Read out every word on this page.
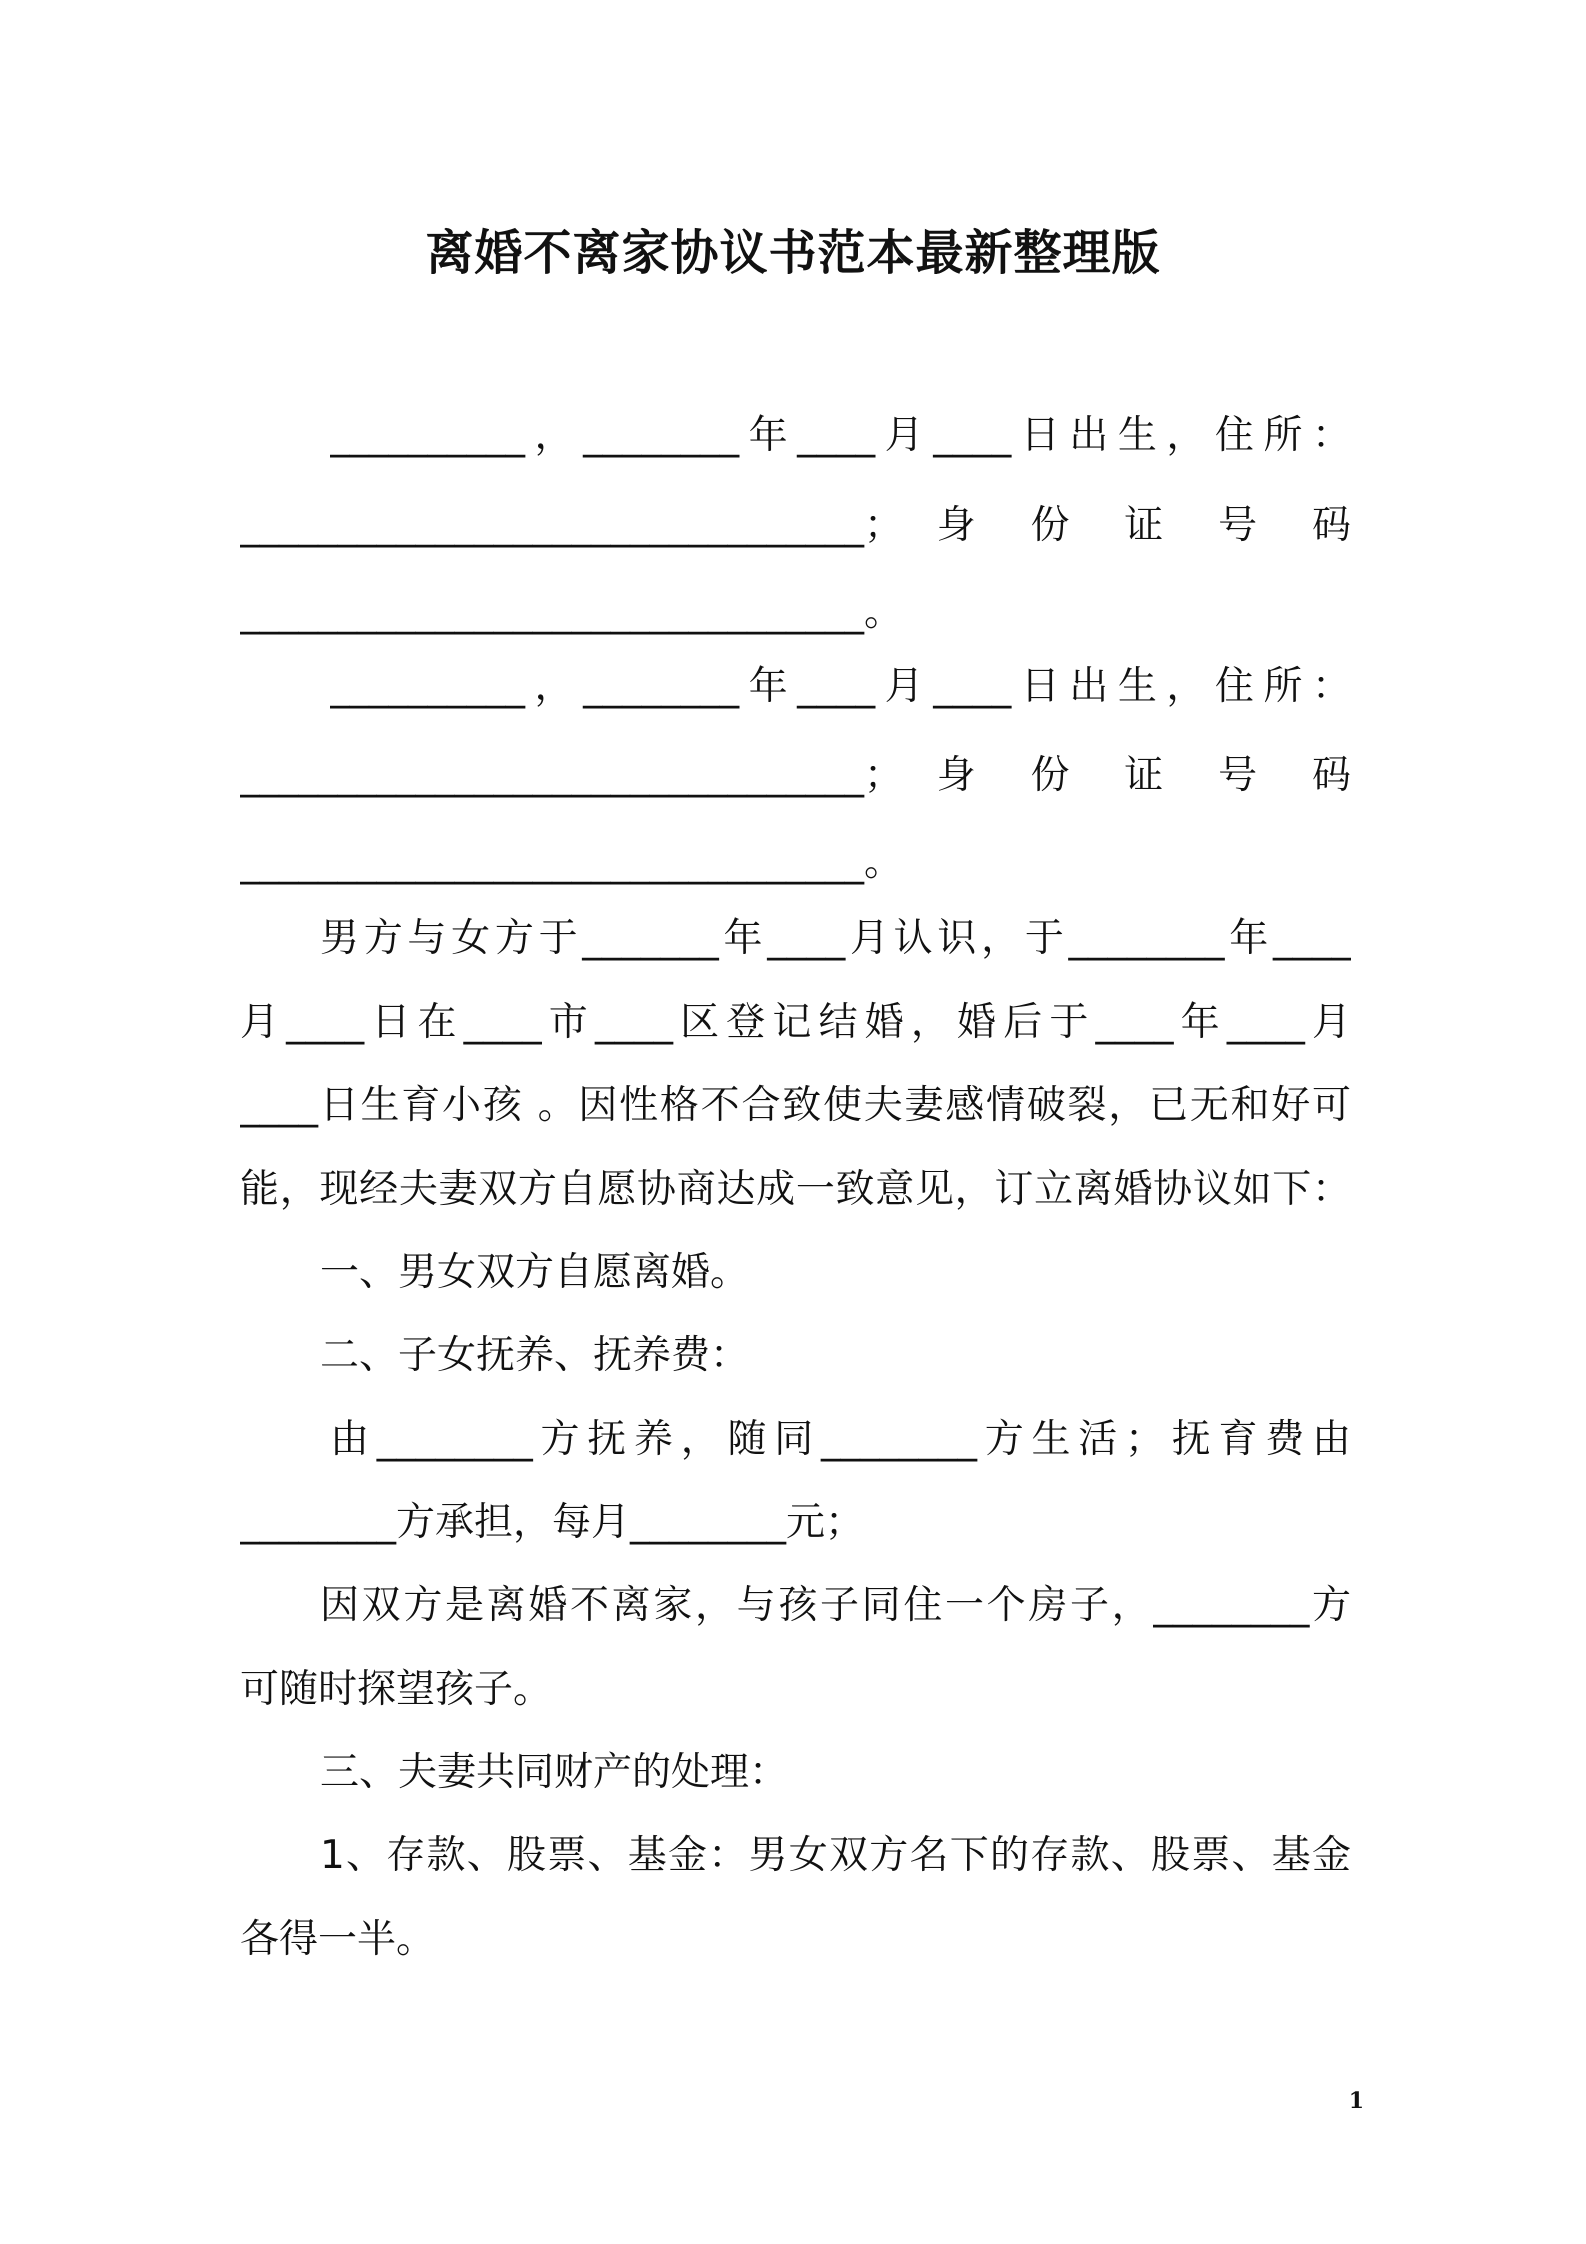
离婚不离家协议书范本最新整理版
__________，________年____月____日出生，住所：
________________________________； 身 份 证 号 码
________________________________。
__________，________年____月____日出生，住所：
________________________________； 身 份 证 号 码
________________________________。
男方与女方于_______年____月认识，于________年____
月____日在____市____区登记结婚，婚后于____年____月
____日生育小孩 。因性格不合致使夫妻感情破裂，已无和好可
能，现经夫妻双方自愿协商达成一致意见，订立离婚协议如下：
一、男女双方自愿离婚。
二、子女抚养、抚养费：
由________方抚养，随同________方生活；抚育费由
________方承担，每月________元；
因双方是离婚不离家，与孩子同住一个房子，________方
可随时探望孩子。
三、夫妻共同财产的处理：
1、存款、股票、基金：男女双方名下的存款、股票、基金
各得一半。
1
